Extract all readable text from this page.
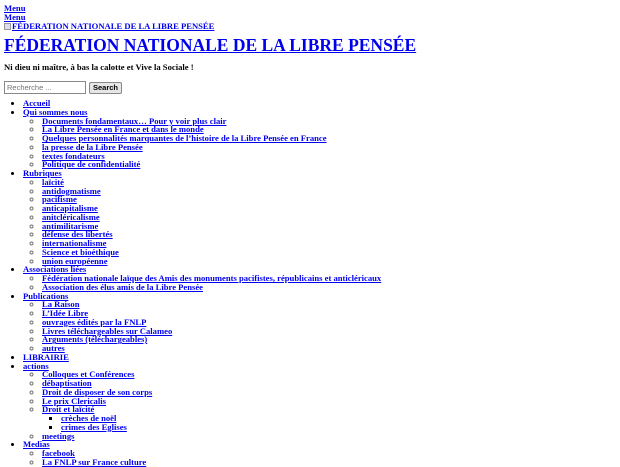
Menu
Menu
FÉDERATION NATIONALE DE LA LIBRE PENSÉE
FÉDERATION NATIONALE DE LA LIBRE PENSÉE

Ni dieu ni maître, à bas la calotte et Vive la Sociale !

Recherche ...
Search
• Accueil
• Qui sommes nous
◦ Documents fondamentaux… Pour y voir plus clair
◦ La Libre Pensée en France et dans le monde
◦ Quelques personnalités marquantes de l’histoire de la Libre Pensée en France
◦ la presse de la Libre Pensée
◦ textes fondateurs
◦ Politique de confidentialité
• Rubriques
◦ laïcité
◦ antidogmatisme
◦ pacifisme
◦ anticapitalisme
◦ anitcléricalisme
◦ antimilitarisme
◦ défense des libertés
◦ internationalisme
◦ Science et bioéthique
◦ union européenne
• Associations liées
◦ Fédération nationale laïque des Amis des monuments pacifistes, républicains et anticléricaux
◦ Association des élus amis de la Libre Pensée
• Publications
◦ La Raison
◦ L’Idée Libre
◦ ouvrages édités par la FNLP
◦ Livres téléchargeables sur Calameo
◦ Arguments (téléchargeables)
◦ autres
• LIBRAIRIE
• actions
◦ Colloques et Conférences
◦ débaptisation
◦ Droit de disposer de son corps
◦ Le prix Clericalis
◦ Droit et laïcité
▪ crèches de noël
▪ crimes des Eglises
◦ meetings
• Medias
◦ facebook
◦ La FNLP sur France culture
